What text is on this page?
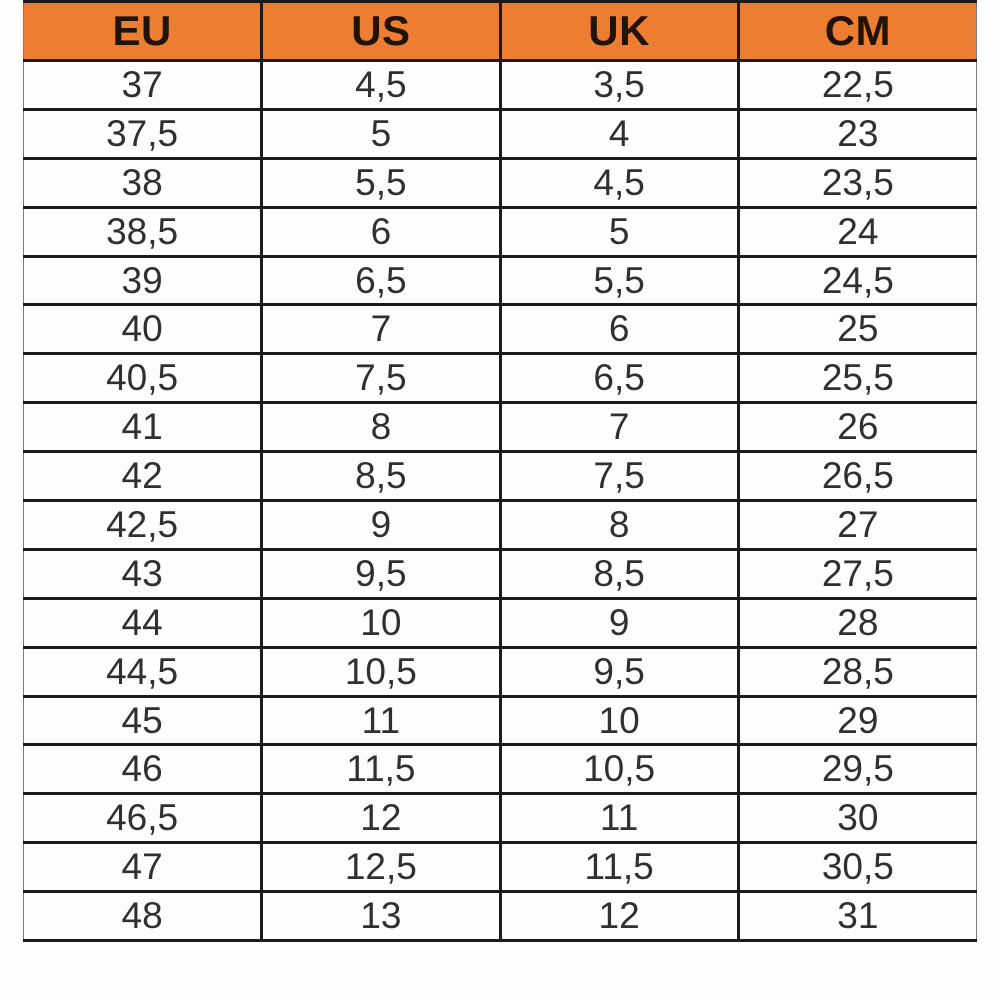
EU	US	UK	CM
37	4,5	3,5	22,5
37,5	5	4	23
38	5,5	4,5	23,5
38,5	6	5	24
39	6,5	5,5	24,5
40	7	6	25
40,5	7,5	6,5	25,5
41	8	7	26
42	8,5	7,5	26,5
42,5	9	8	27
43	9,5	8,5	27,5
44	10	9	28
44,5	10,5	9,5	28,5
45	11	10	29
46	11,5	10,5	29,5
46,5	12	11	30
47	12,5	11,5	30,5
48	13	12	31
